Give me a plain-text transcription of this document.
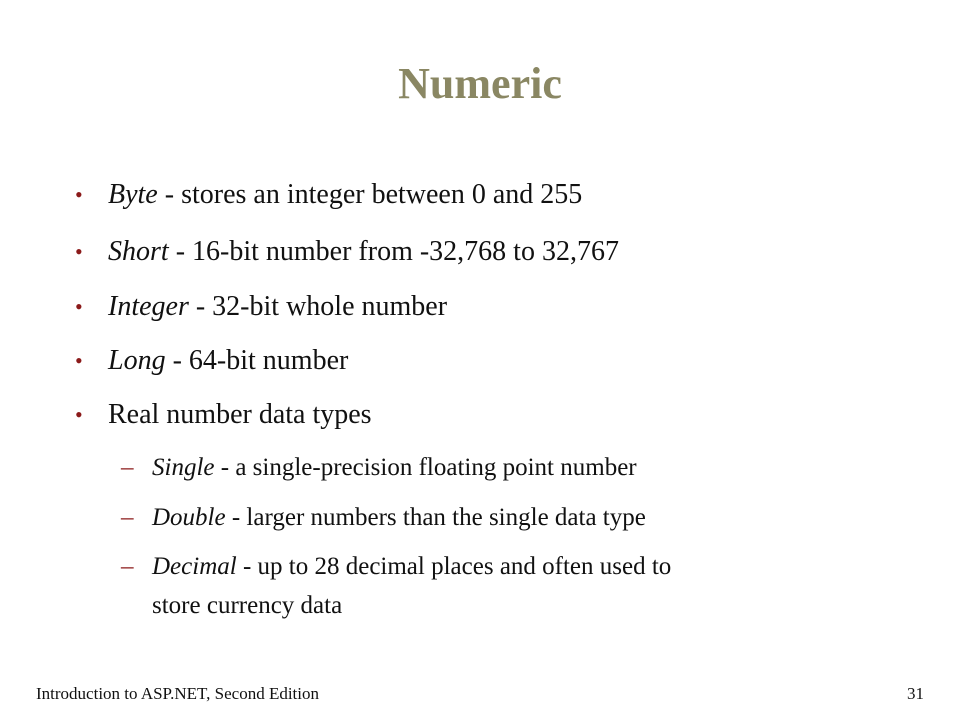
Numeric
• Byte - stores an integer between 0 and 255
• Short - 16-bit number from -32,768 to 32,767
• Integer - 32-bit whole number
• Long - 64-bit number
• Real number data types
– Single - a single-precision floating point number
– Double - larger numbers than the single data type
– Decimal - up to 28 decimal places and often used to
store currency data
Introduction to ASP.NET, Second Edition	31
